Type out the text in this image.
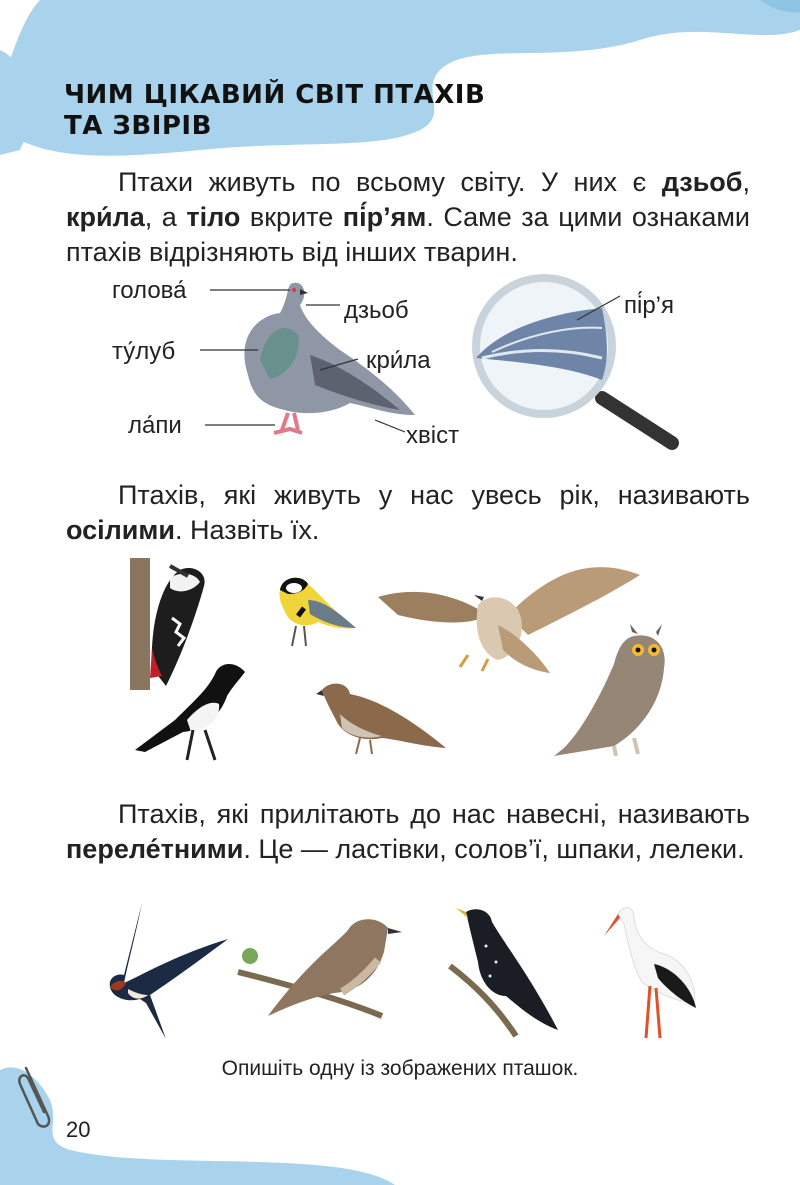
ЧИМ ЦІКАВИЙ СВІТ ПТАХІВ
ТА ЗВІРІВ

Птахи живуть по всьому світу. У них є дзьоб, кри́ла, а тіло вкрите пі́р’ям. Саме за цими ознаками птахів відрізняють від інших тварин.

голова́
дзьоб
ту́луб	кри́ла
ла́пи	хвіст
пі́р’я

Птахів, які живуть у нас увесь рік, називають осілими. Назвіть їх.

Птахів, які прилітають до нас навесні, називають переле́тними. Це — ластівки, солов’ї, шпаки, лелеки.

Опишіть одну із зображених пташок.
20
